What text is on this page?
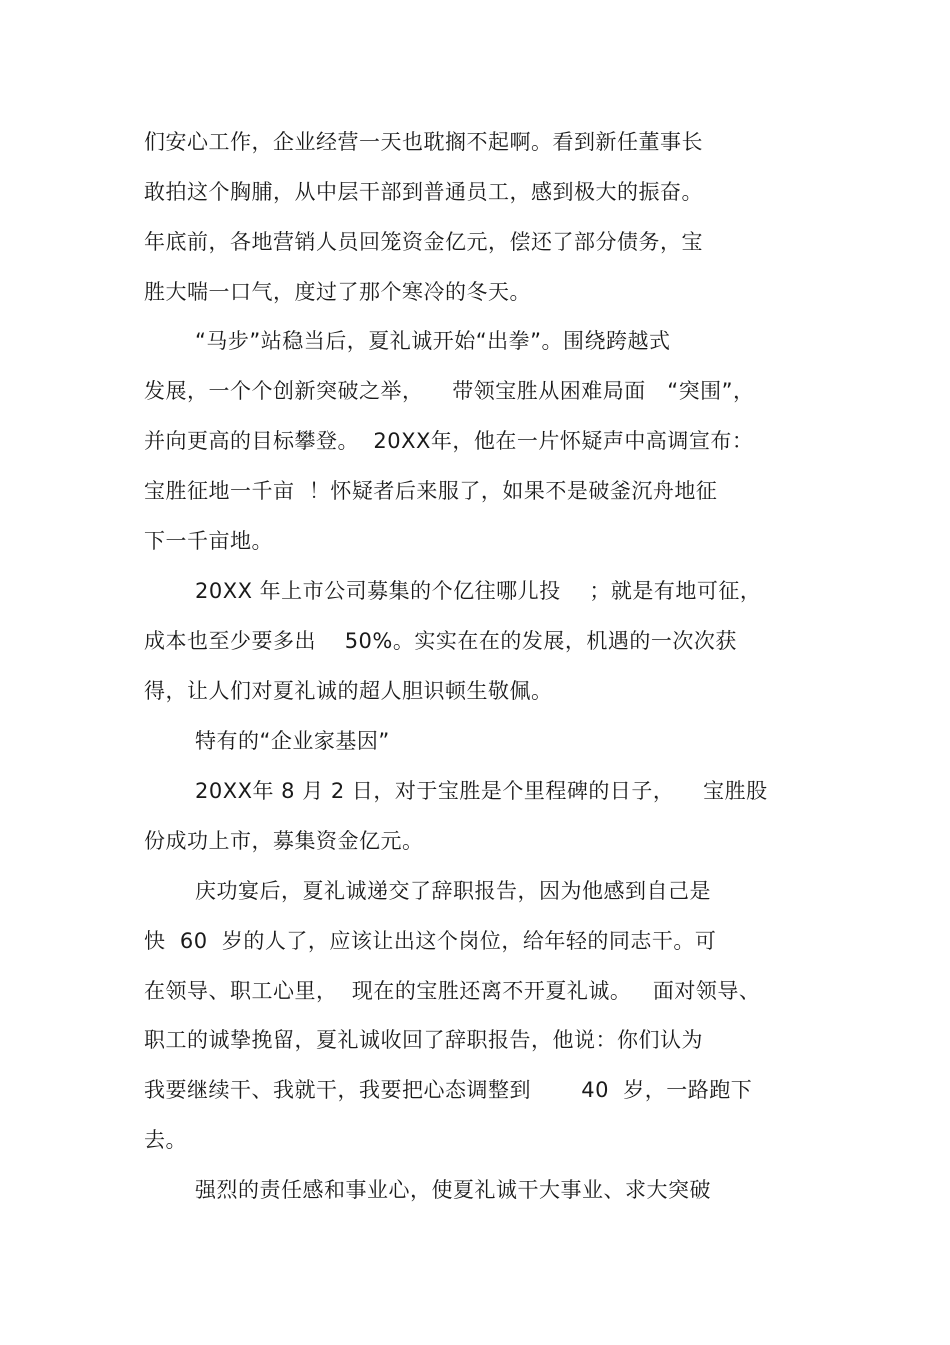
们安心工作，企业经营一天也耽搁不起啊。看到新任董事长
敢拍这个胸脯，从中层干部到普通员工，感到极大的振奋。
年底前，各地营销人员回笼资金亿元，偿还了部分债务，宝
胜大喘一口气，度过了那个寒冷的冬天。
“马步”站稳当后，夏礼诚开始“出拳”。围绕跨越式
发展，一个个创新突破之举，    带领宝胜从困难局面   “突围”，
并向更高的目标攀登。  20XX年，他在一片怀疑声中高调宣布：
宝胜征地一千亩  ！怀疑者后来服了，如果不是破釜沉舟地征
下一千亩地。
20XX 年上市公司募集的个亿往哪儿投    ；就是有地可征，
成本也至少要多出    50%。实实在在的发展，机遇的一次次获
得，让人们对夏礼诚的超人胆识顿生敬佩。
特有的“企业家基因”
20XX年 8 月 2 日，对于宝胜是个里程碑的日子，    宝胜股
份成功上市，募集资金亿元。
庆功宴后，夏礼诚递交了辞职报告，因为他感到自己是
快  60  岁的人了，应该让出这个岗位，给年轻的同志干。可
在领导、职工心里，  现在的宝胜还离不开夏礼诚。   面对领导、
职工的诚挚挽留，夏礼诚收回了辞职报告，他说：你们认为
我要继续干、我就干，我要把心态调整到       40  岁，一路跑下
去。
强烈的责任感和事业心，使夏礼诚干大事业、求大突破
